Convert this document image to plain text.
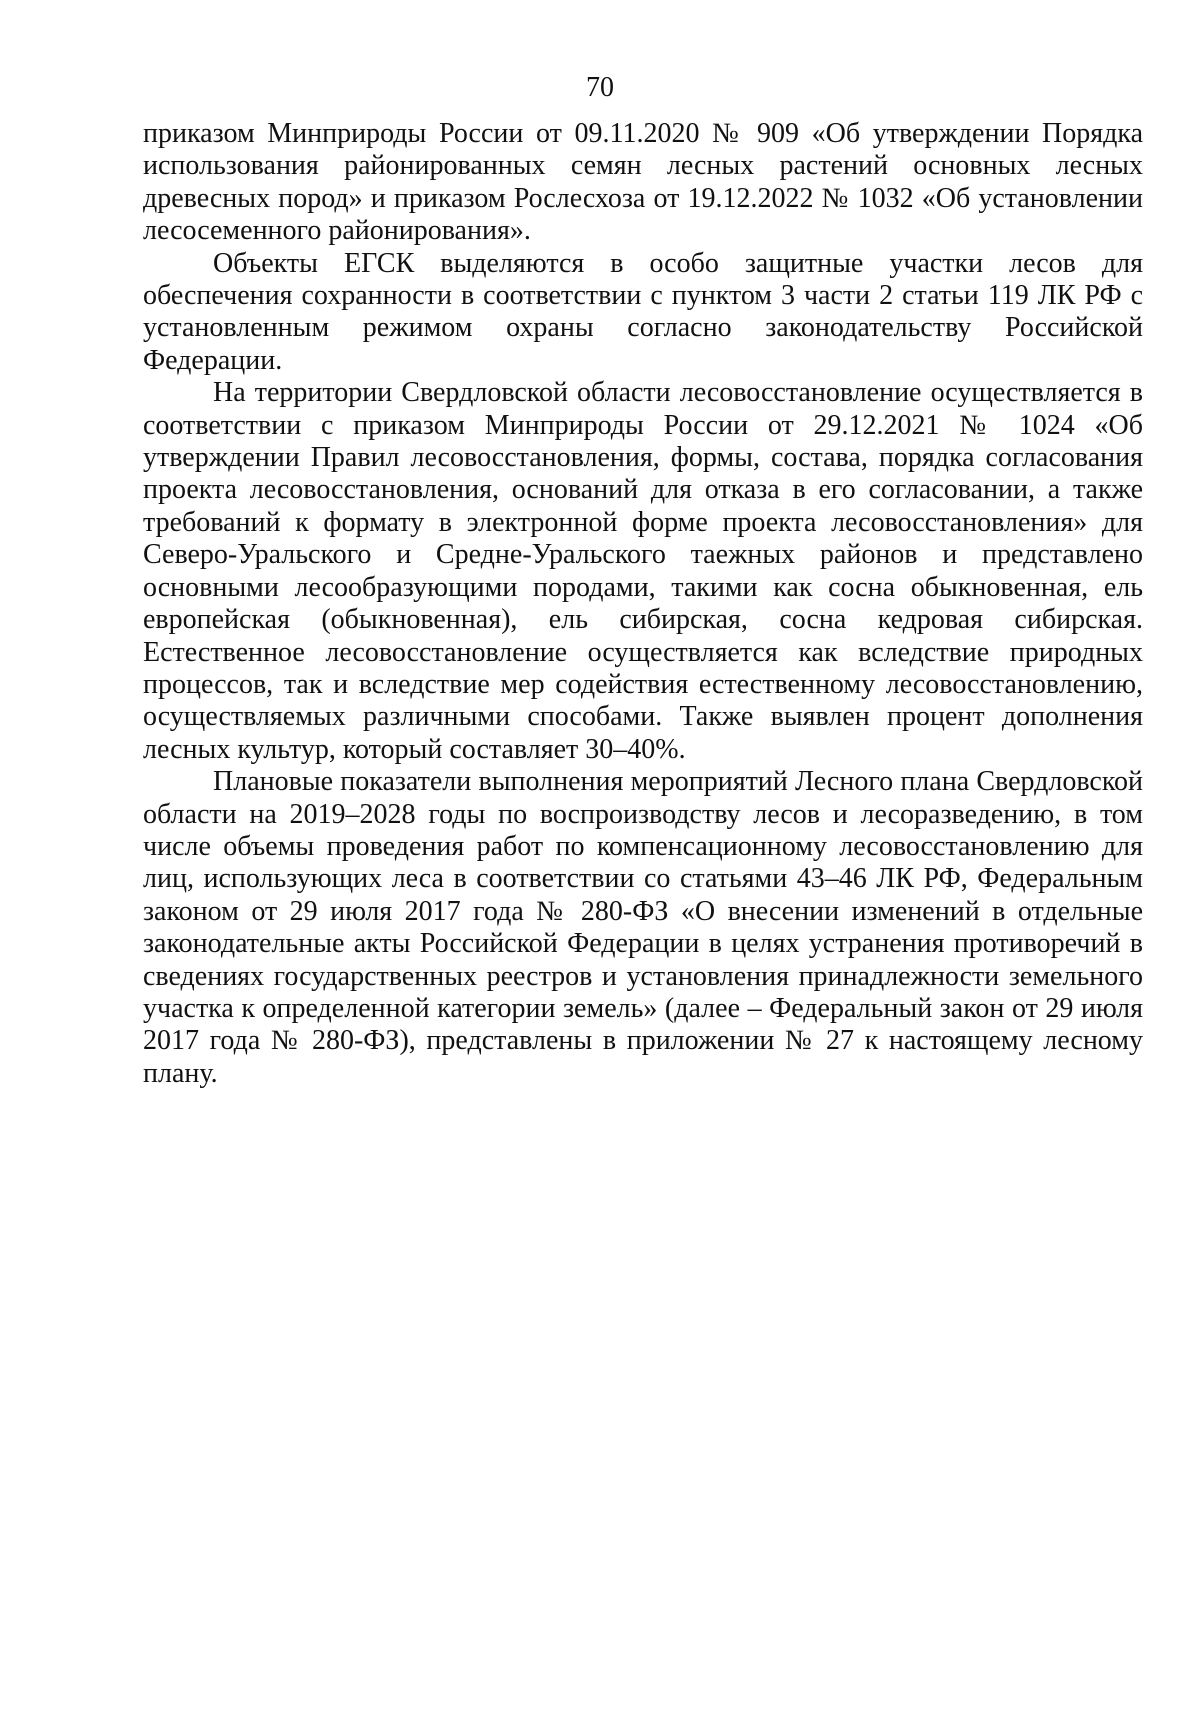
70

приказом Минприроды России от 09.11.2020 № 909 «Об утверждении Порядка использования районированных семян лесных растений основных лесных древесных пород» и приказом Рослесхоза от 19.12.2022 № 1032 «Об установлении лесосеменного районирования».

Объекты ЕГСК выделяются в особо защитные участки лесов для обеспечения сохранности в соответствии с пунктом 3 части 2 статьи 119 ЛК РФ с установленным режимом охраны согласно законодательству Российской Федерации.

На территории Свердловской области лесовосстановление осуществляется в соответствии с приказом Минприроды России от 29.12.2021 № 1024 «Об утверждении Правил лесовосстановления, формы, состава, порядка согласования проекта лесовосстановления, оснований для отказа в его согласовании, а также требований к формату в электронной форме проекта лесовосстановления» для Северо-Уральского и Средне-Уральского таежных районов и представлено основными лесообразующими породами, такими как сосна обыкновенная, ель европейская (обыкновенная), ель сибирская, сосна кедровая сибирская. Естественное лесовосстановление осуществляется как вследствие природных процессов, так и вследствие мер содействия естественному лесовосстановлению, осуществляемых различными способами. Также выявлен процент дополнения лесных культур, который составляет 30–40%.

Плановые показатели выполнения мероприятий Лесного плана Свердловской области на 2019–2028 годы по воспроизводству лесов и лесоразведению, в том числе объемы проведения работ по компенсационному лесовосстановлению для лиц, использующих леса в соответствии со статьями 43–46 ЛК РФ, Федеральным законом от 29 июля 2017 года № 280-ФЗ «О внесении изменений в отдельные законодательные акты Российской Федерации в целях устранения противоречий в сведениях государственных реестров и установления принадлежности земельного участка к определенной категории земель» (далее – Федеральный закон от 29 июля 2017 года № 280-ФЗ), представлены в приложении № 27 к настоящему лесному плану.
